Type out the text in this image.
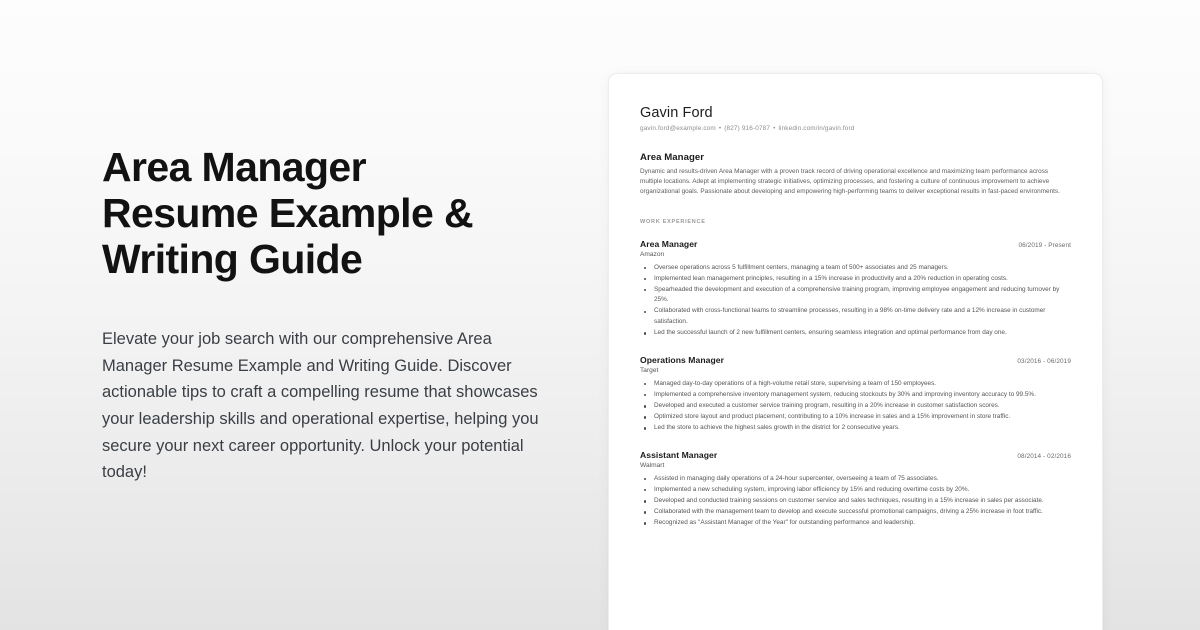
Area Manager Resume Example & Writing Guide

Elevate your job search with our comprehensive Area Manager Resume Example and Writing Guide. Discover actionable tips to craft a compelling resume that showcases your leadership skills and operational expertise, helping you secure your next career opportunity. Unlock your potential today!

Gavin Ford
gavin.ford@example.com • (827) 916-0787 • linkedin.com/in/gavin.ford
Area Manager
Dynamic and results-driven Area Manager with a proven track record of driving operational excellence and maximizing team performance across multiple locations. Adept at implementing strategic initiatives, optimizing processes, and fostering a culture of continuous improvement to achieve organizational goals. Passionate about developing and empowering high-performing teams to deliver exceptional results in fast-paced environments.
WORK EXPERIENCE
Area Manager	06/2019 - Present
Amazon
Oversee operations across 5 fulfillment centers, managing a team of 500+ associates and 25 managers.
Implemented lean management principles, resulting in a 15% increase in productivity and a 20% reduction in operating costs.
Spearheaded the development and execution of a comprehensive training program, improving employee engagement and reducing turnover by 25%.
Collaborated with cross-functional teams to streamline processes, resulting in a 98% on-time delivery rate and a 12% increase in customer satisfaction.
Led the successful launch of 2 new fulfillment centers, ensuring seamless integration and optimal performance from day one.
Operations Manager	03/2016 - 06/2019
Target
Managed day-to-day operations of a high-volume retail store, supervising a team of 150 employees.
Implemented a comprehensive inventory management system, reducing stockouts by 30% and improving inventory accuracy to 99.5%.
Developed and executed a customer service training program, resulting in a 20% increase in customer satisfaction scores.
Optimized store layout and product placement, contributing to a 10% increase in sales and a 15% improvement in store traffic.
Led the store to achieve the highest sales growth in the district for 2 consecutive years.
Assistant Manager	08/2014 - 02/2016
Walmart
Assisted in managing daily operations of a 24-hour supercenter, overseeing a team of 75 associates.
Implemented a new scheduling system, improving labor efficiency by 15% and reducing overtime costs by 20%.
Developed and conducted training sessions on customer service and sales techniques, resulting in a 15% increase in sales per associate.
Collaborated with the management team to develop and execute successful promotional campaigns, driving a 25% increase in foot traffic.
Recognized as "Assistant Manager of the Year" for outstanding performance and leadership.
